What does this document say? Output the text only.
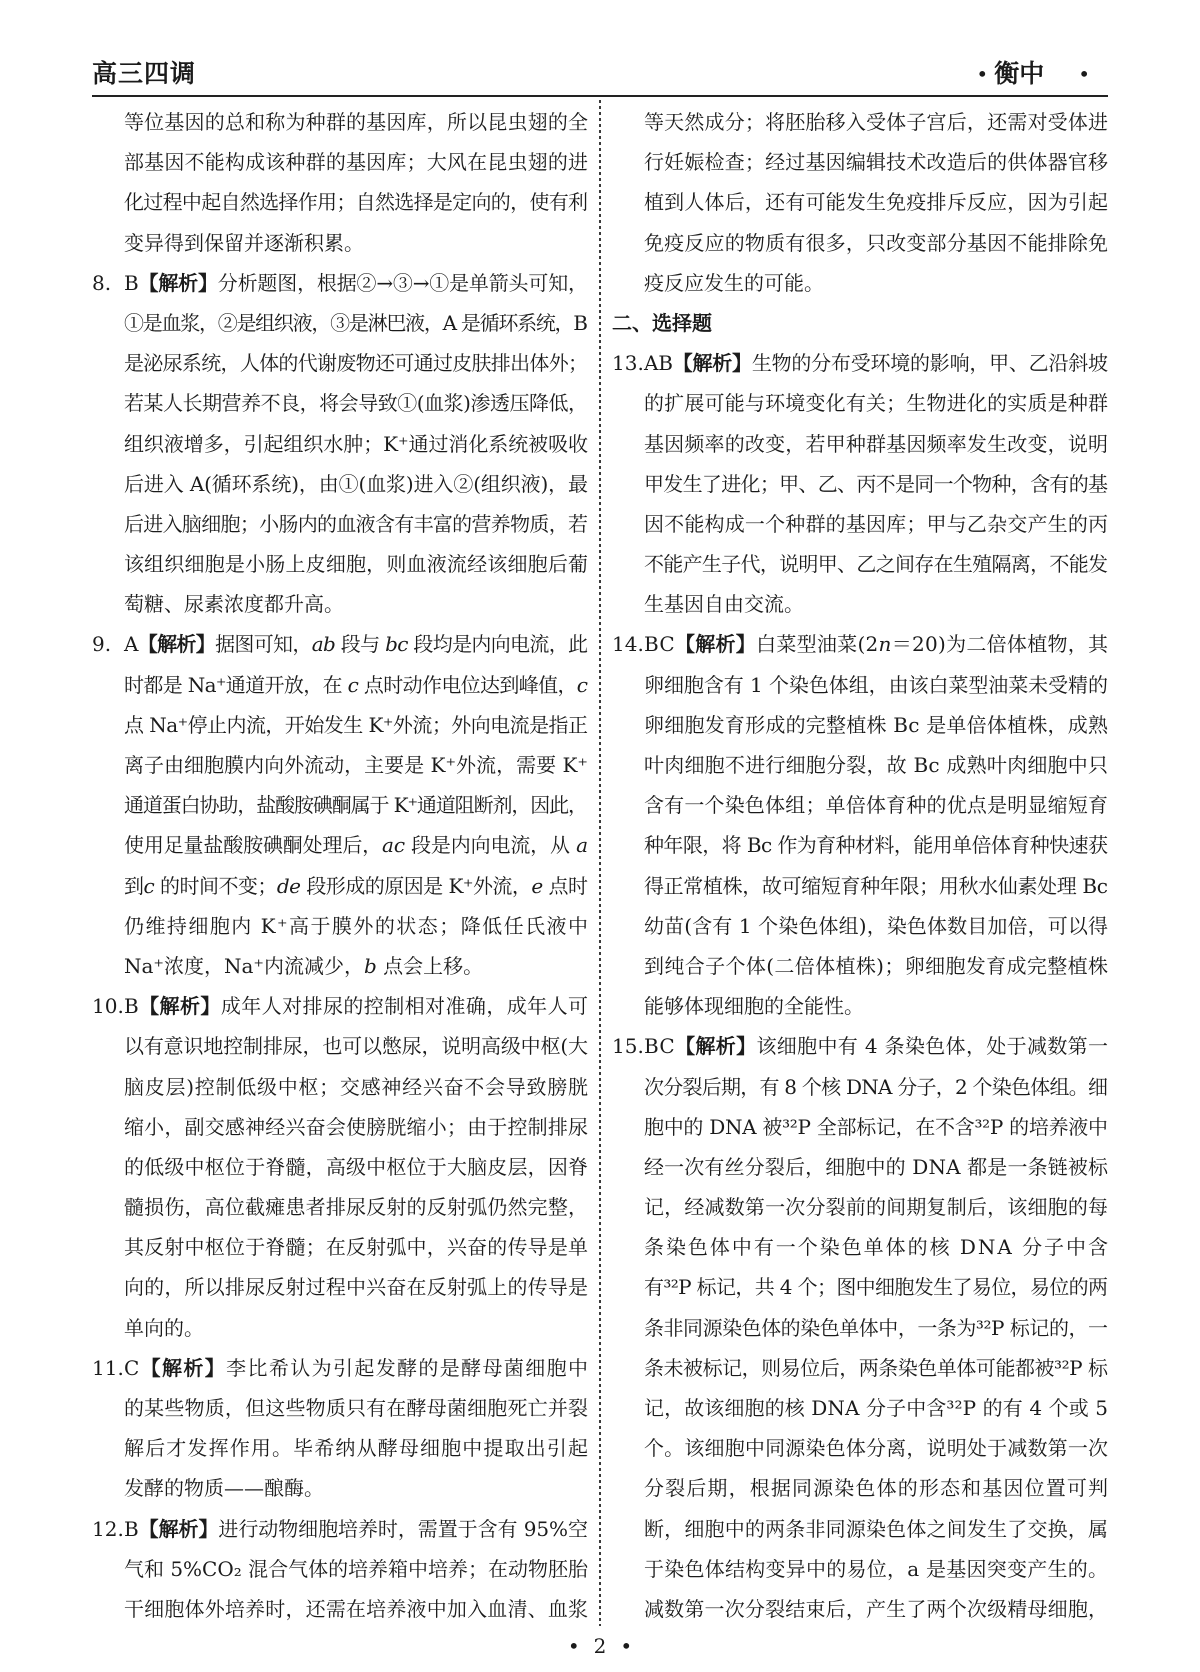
高三四调	• 衡中 •
等位基因的总和称为种群的基因库，所以昆虫翅的全
部基因不能构成该种群的基因库；大风在昆虫翅的进
化过程中起自然选择作用；自然选择是定向的，使有利
变异得到保留并逐渐积累。
8. B【解析】分析题图，根据②→③→①是单箭头可知，
①是血浆，②是组织液，③是淋巴液，A 是循环系统，B
是泌尿系统，人体的代谢废物还可通过皮肤排出体外；
若某人长期营养不良，将会导致①(血浆)渗透压降低，
组织液增多，引起组织水肿；K⁺通过消化系统被吸收
后进入 A(循环系统)，由①(血浆)进入②(组织液)，最
后进入脑细胞；小肠内的血液含有丰富的营养物质，若
该组织细胞是小肠上皮细胞，则血液流经该细胞后葡
萄糖、尿素浓度都升高。
9. A【解析】据图可知，ab 段与 bc 段均是内向电流，此
时都是 Na⁺通道开放，在 c 点时动作电位达到峰值，c
点 Na⁺停止内流，开始发生 K⁺外流；外向电流是指正
离子由细胞膜内向外流动，主要是 K⁺外流，需要 K⁺
通道蛋白协助，盐酸胺碘酮属于 K⁺通道阻断剂，因此，
使用足量盐酸胺碘酮处理后，ac 段是内向电流，从 a
到c 的时间不变；de 段形成的原因是 K⁺外流，e 点时
仍维持细胞内 K⁺高于膜外的状态；降低任氏液中
Na⁺浓度，Na⁺内流减少，b 点会上移。
10. B【解析】成年人对排尿的控制相对准确，成年人可
以有意识地控制排尿，也可以憋尿，说明高级中枢(大
脑皮层)控制低级中枢；交感神经兴奋不会导致膀胱
缩小，副交感神经兴奋会使膀胱缩小；由于控制排尿
的低级中枢位于脊髓，高级中枢位于大脑皮层，因脊
髓损伤，高位截瘫患者排尿反射的反射弧仍然完整，
其反射中枢位于脊髓；在反射弧中，兴奋的传导是单
向的，所以排尿反射过程中兴奋在反射弧上的传导是
单向的。
11. C【解析】李比希认为引起发酵的是酵母菌细胞中
的某些物质，但这些物质只有在酵母菌细胞死亡并裂
解后才发挥作用。毕希纳从酵母细胞中提取出引起
发酵的物质——酿酶。
12. B【解析】进行动物细胞培养时，需置于含有 95%空
气和 5%CO₂ 混合气体的培养箱中培养；在动物胚胎
干细胞体外培养时，还需在培养液中加入血清、血浆
等天然成分；将胚胎移入受体子宫后，还需对受体进
行妊娠检查；经过基因编辑技术改造后的供体器官移
植到人体后，还有可能发生免疫排斥反应，因为引起
免疫反应的物质有很多，只改变部分基因不能排除免
疫反应发生的可能。
二、选择题
13. AB【解析】生物的分布受环境的影响，甲、乙沿斜坡
的扩展可能与环境变化有关；生物进化的实质是种群
基因频率的改变，若甲种群基因频率发生改变，说明
甲发生了进化；甲、乙、丙不是同一个物种，含有的基
因不能构成一个种群的基因库；甲与乙杂交产生的丙
不能产生子代，说明甲、乙之间存在生殖隔离，不能发
生基因自由交流。
14. BC【解析】白菜型油菜(2n＝20)为二倍体植物，其
卵细胞含有 1 个染色体组，由该白菜型油菜未受精的
卵细胞发育形成的完整植株 Bc 是单倍体植株，成熟
叶肉细胞不进行细胞分裂，故 Bc 成熟叶肉细胞中只
含有一个染色体组；单倍体育种的优点是明显缩短育
种年限，将 Bc 作为育种材料，能用单倍体育种快速获
得正常植株，故可缩短育种年限；用秋水仙素处理 Bc
幼苗(含有 1 个染色体组)，染色体数目加倍，可以得
到纯合子个体(二倍体植株)；卵细胞发育成完整植株
能够体现细胞的全能性。
15. BC【解析】该细胞中有 4 条染色体，处于减数第一
次分裂后期，有 8 个核 DNA 分子，2 个染色体组。细
胞中的 DNA 被³²P 全部标记，在不含³²P 的培养液中
经一次有丝分裂后，细胞中的 DNA 都是一条链被标
记，经减数第一次分裂前的间期复制后，该细胞的每
条染色体中有一个染色单体的核 DNA 分子中含
有³²P 标记，共 4 个；图中细胞发生了易位，易位的两
条非同源染色体的染色单体中，一条为³²P 标记的，一
条未被标记，则易位后，两条染色单体可能都被³²P 标
记，故该细胞的核 DNA 分子中含³²P 的有 4 个或 5
个。该细胞中同源染色体分离，说明处于减数第一次
分裂后期，根据同源染色体的形态和基因位置可判
断，细胞中的两条非同源染色体之间发生了交换，属
于染色体结构变异中的易位，a 是基因突变产生的。
减数第一次分裂结束后，产生了两个次级精母细胞，
• 2 •
